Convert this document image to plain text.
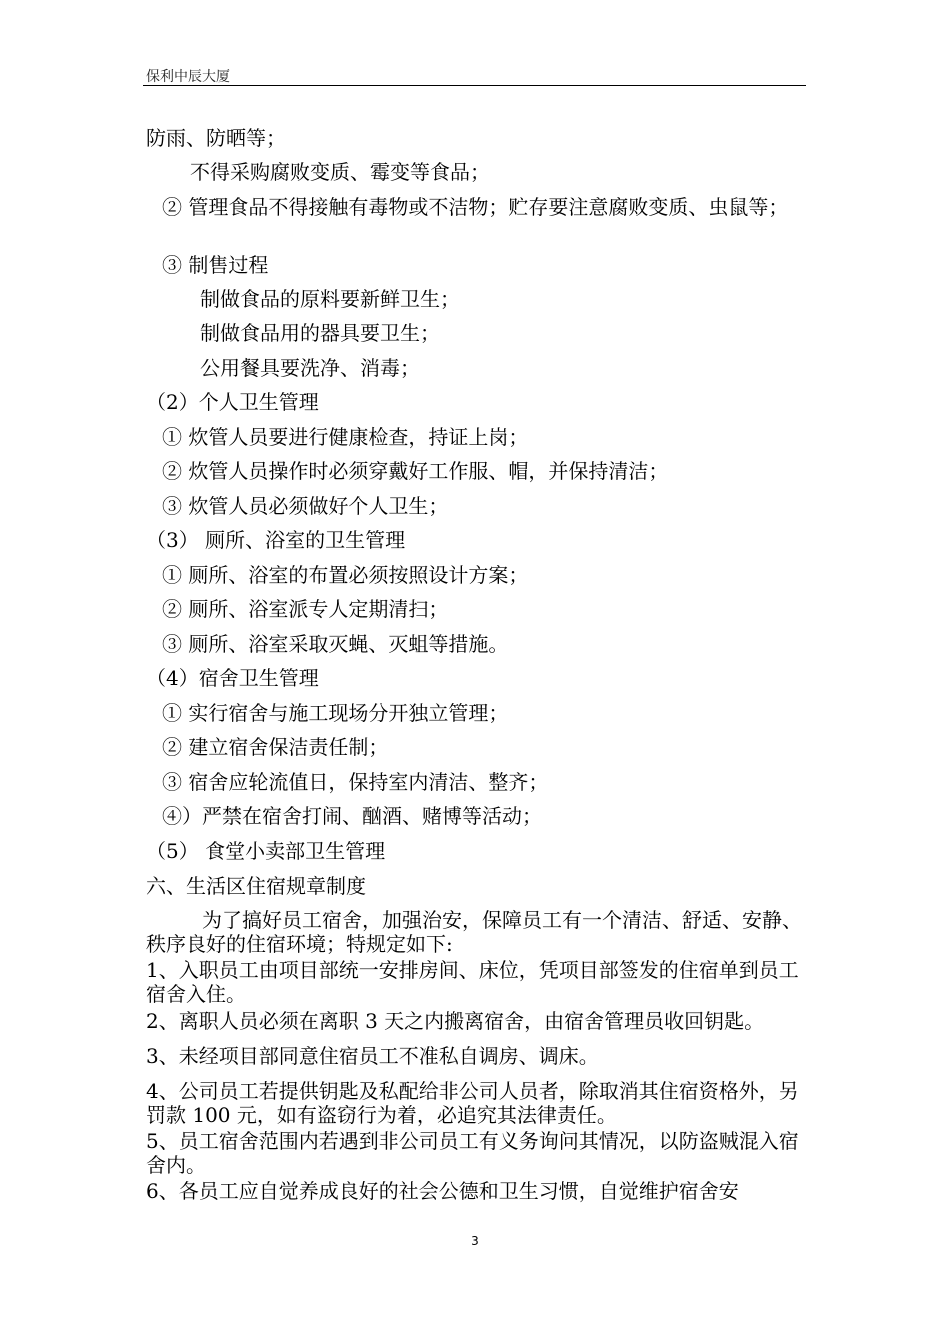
保利中辰大厦
防雨、防晒等；
不得采购腐败变质、霉变等食品；
② 管理食品不得接触有毒物或不洁物；贮存要注意腐败变质、虫鼠等；
③ 制售过程
制做食品的原料要新鲜卫生；
制做食品用的器具要卫生；
公用餐具要洗净、消毒；
（2）个人卫生管理
① 炊管人员要进行健康检查，持证上岗；
② 炊管人员操作时必须穿戴好工作服、帽，并保持清洁；
③ 炊管人员必须做好个人卫生；
（3） 厕所、浴室的卫生管理
① 厕所、浴室的布置必须按照设计方案；
② 厕所、浴室派专人定期清扫；
③ 厕所、浴室采取灭蝇、灭蛆等措施。
（4）宿舍卫生管理
① 实行宿舍与施工现场分开独立管理；
② 建立宿舍保洁责任制；
③ 宿舍应轮流值日，保持室内清洁、整齐；
④）严禁在宿舍打闹、酗酒、赌博等活动；
（5） 食堂小卖部卫生管理
六、生活区住宿规章制度
为了搞好员工宿舍，加强治安，保障员工有一个清洁、舒适、安静、秩序良好的住宿环境；特规定如下:
1、入职员工由项目部统一安排房间、床位，凭项目部签发的住宿单到员工宿舍入住。
2、离职人员必须在离职 3 天之内搬离宿舍，由宿舍管理员收回钥匙。
3、未经项目部同意住宿员工不准私自调房、调床。
4、公司员工若提供钥匙及私配给非公司人员者，除取消其住宿资格外，另罚款 100 元，如有盗窃行为着，必追究其法律责任。
5、员工宿舍范围内若遇到非公司员工有义务询问其情况，以防盗贼混入宿舍内。
6、各员工应自觉养成良好的社会公德和卫生习惯，自觉维护宿舍安
3
